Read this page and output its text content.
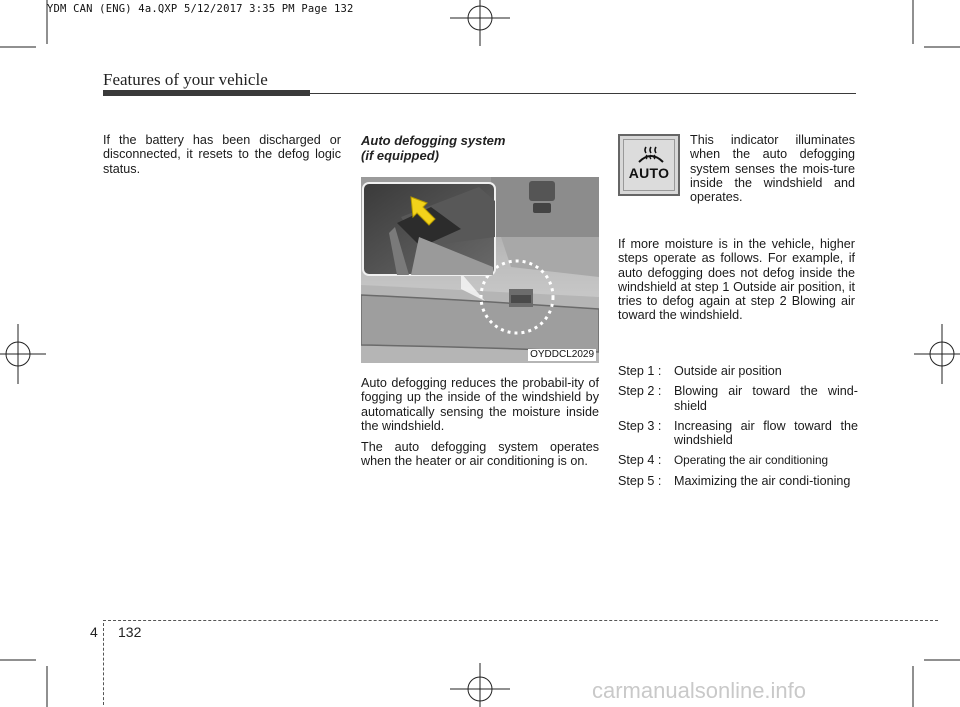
YDM CAN (ENG) 4a.QXP 5/12/2017 3:35 PM Page 132
Features of your vehicle

If the battery has been discharged or disconnected, it resets to the defog logic status.

Auto defogging system
(if equipped)
OYDDCL2029

Auto defogging reduces the probabil-ity of fogging up the inside of the windshield by automatically sensing the moisture inside the windshield.

The auto defogging system operates when the heater or air conditioning is on.

AUTO

This indicator illuminates when the auto defogging system senses the mois-ture inside the windshield and operates.

If more moisture is in the vehicle, higher steps operate as follows. For example, if auto defogging does not defog inside the windshield at step 1 Outside air position, it tries to defog again at step 2 Blowing air toward the windshield.

Step 1 : Outside air position
Step 2 : Blowing air toward the wind-shield
Step 3 : Increasing air flow toward the windshield
Step 4 :	Operating the air conditioning
Step 5 : Maximizing the air condi-tioning
4 132
carmanualsonline.info
